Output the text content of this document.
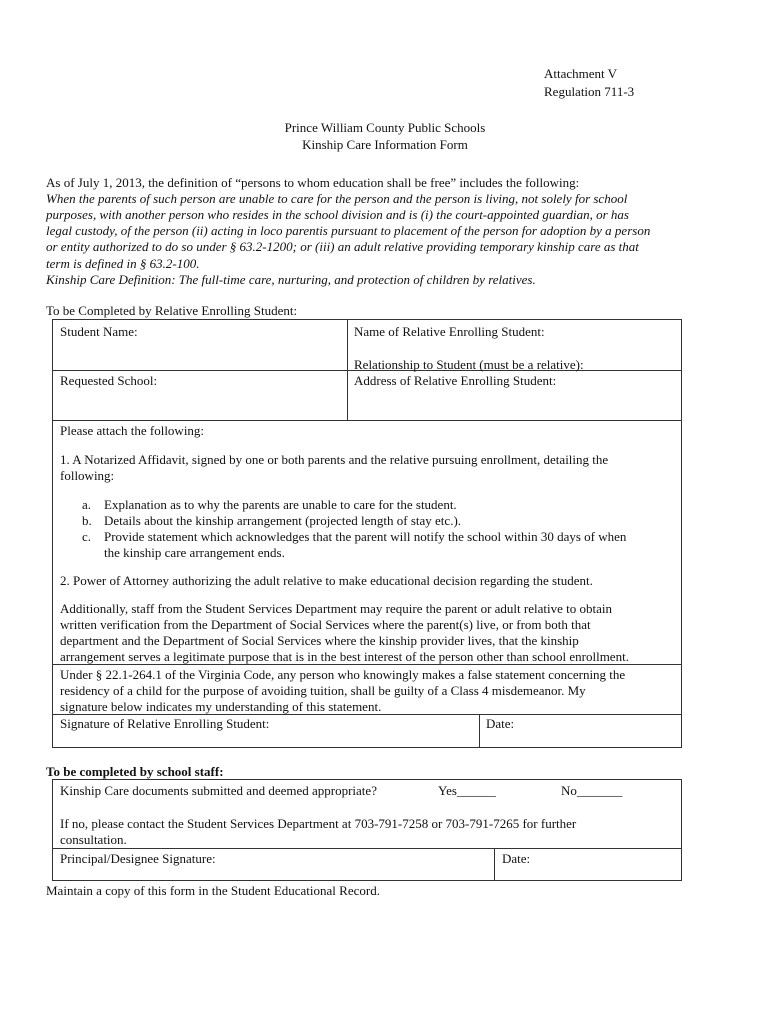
Attachment V
Regulation 711-3
Prince William County Public Schools
Kinship Care Information Form
As of July 1, 2013, the definition of “persons to whom education shall be free” includes the following:
When the parents of such person are unable to care for the person and the person is living, not solely for school
purposes, with another person who resides in the school division and is (i) the court-appointed guardian, or has
legal custody, of the person (ii) acting in loco parentis pursuant to placement of the person for adoption by a person
or entity authorized to do so under § 63.2-1200; or (iii) an adult relative providing temporary kinship care as that
term is defined in § 63.2-100.
Kinship Care Definition: The full-time care, nurturing, and protection of children by relatives.
To be Completed by Relative Enrolling Student:
Student Name:	Name of Relative Enrolling Student:
Relationship to Student (must be a relative):
Requested School:	Address of Relative Enrolling Student:
Please attach the following:
1. A Notarized Affidavit, signed by one or both parents and the relative pursuing enrollment, detailing the
following:
a. Explanation as to why the parents are unable to care for the student.
b. Details about the kinship arrangement (projected length of stay etc.).
c. Provide statement which acknowledges that the parent will notify the school within 30 days of when
the kinship care arrangement ends.
2. Power of Attorney authorizing the adult relative to make educational decision regarding the student.
Additionally, staff from the Student Services Department may require the parent or adult relative to obtain
written verification from the Department of Social Services where the parent(s) live, or from both that
department and the Department of Social Services where the kinship provider lives, that the kinship
arrangement serves a legitimate purpose that is in the best interest of the person other than school enrollment.
Under § 22.1-264.1 of the Virginia Code, any person who knowingly makes a false statement concerning the
residency of a child for the purpose of avoiding tuition, shall be guilty of a Class 4 misdemeanor. My
signature below indicates my understanding of this statement.
Signature of Relative Enrolling Student:	Date:
To be completed by school staff:
Kinship Care documents submitted and deemed appropriate?	Yes______	No_______
If no, please contact the Student Services Department at 703-791-7258 or 703-791-7265 for further
consultation.
Principal/Designee Signature:	Date:
Maintain a copy of this form in the Student Educational Record.
